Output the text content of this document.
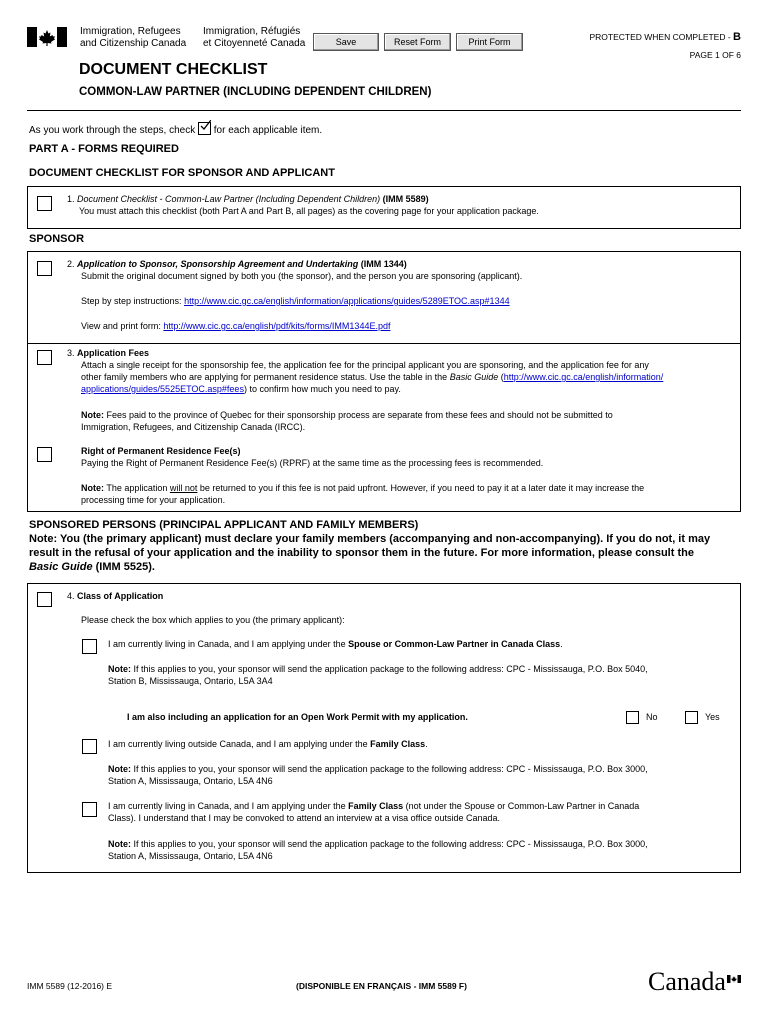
Immigration, Refugees
and Citizenship Canada
Immigration, Réfugiés
et Citoyenneté Canada	Save	Reset Form	Print Form	PROTECTED WHEN COMPLETED - B
PAGE 1 OF 6
DOCUMENT CHECKLIST
COMMON-LAW PARTNER (INCLUDING DEPENDENT CHILDREN)
As you work through the steps, check
for each applicable item.
PART A - FORMS REQUIRED
DOCUMENT CHECKLIST FOR SPONSOR AND APPLICANT
1. Document Checklist - Common-Law Partner (Including Dependent Children) (IMM 5589)
You must attach this checklist (both Part A and Part B, all pages) as the covering page for your application package.
SPONSOR
2. Application to Sponsor, Sponsorship Agreement and Undertaking (IMM 1344)
Submit the original document signed by both you (the sponsor), and the person you are sponsoring (applicant).
Step by step instructions: http://www.cic.gc.ca/english/information/applications/guides/5289ETOC.asp#1344
View and print form: http://www.cic.gc.ca/english/pdf/kits/forms/IMM1344E.pdf
3. Application Fees
Attach a single receipt for the sponsorship fee, the application fee for the principal applicant you are sponsoring, and the application fee for any
other family members who are applying for permanent residence status. Use the table in the Basic Guide (http://www.cic.gc.ca/english/information/
applications/guides/5525ETOC.asp#fees) to confirm how much you need to pay.
Note: Fees paid to the province of Quebec for their sponsorship process are separate from these fees and should not be submitted to
Immigration, Refugees, and Citizenship Canada (IRCC).
Right of Permanent Residence Fee(s)
Paying the Right of Permanent Residence Fee(s) (RPRF) at the same time as the processing fees is recommended.
Note: The application will not be returned to you if this fee is not paid upfront. However, if you need to pay it at a later date it may increase the
processing time for your application.
SPONSORED PERSONS (PRINCIPAL APPLICANT AND FAMILY MEMBERS)
Note: You (the primary applicant) must declare your family members (accompanying and non-accompanying). If you do not, it may
result in the refusal of your application and the inability to sponsor them in the future. For more information, please consult the
Basic Guide (IMM 5525).
4. Class of Application
Please check the box which applies to you (the primary applicant):
I am currently living in Canada, and I am applying under the Spouse or Common-Law Partner in Canada Class.
Note: If this applies to you, your sponsor will send the application package to the following address: CPC - Mississauga, P.O. Box 5040,
Station B, Mississauga, Ontario, L5A 3A4
I am also including an application for an Open Work Permit with my application.	No	Yes
I am currently living outside Canada, and I am applying under the Family Class.
Note: If this applies to you, your sponsor will send the application package to the following address: CPC - Mississauga, P.O. Box 3000,
Station A, Mississauga, Ontario, L5A 4N6
I am currently living in Canada, and I am applying under the Family Class (not under the Spouse or Common-Law Partner in Canada
Class). I understand that I may be convoked to attend an interview at a visa office outside Canada.
Note: If this applies to you, your sponsor will send the application package to the following address: CPC - Mississauga, P.O. Box 3000,
Station A, Mississauga, Ontario, L5A 4N6
IMM 5589 (12-2016) E	(DISPONIBLE EN FRANÇAIS - IMM 5589 F)	Canada
